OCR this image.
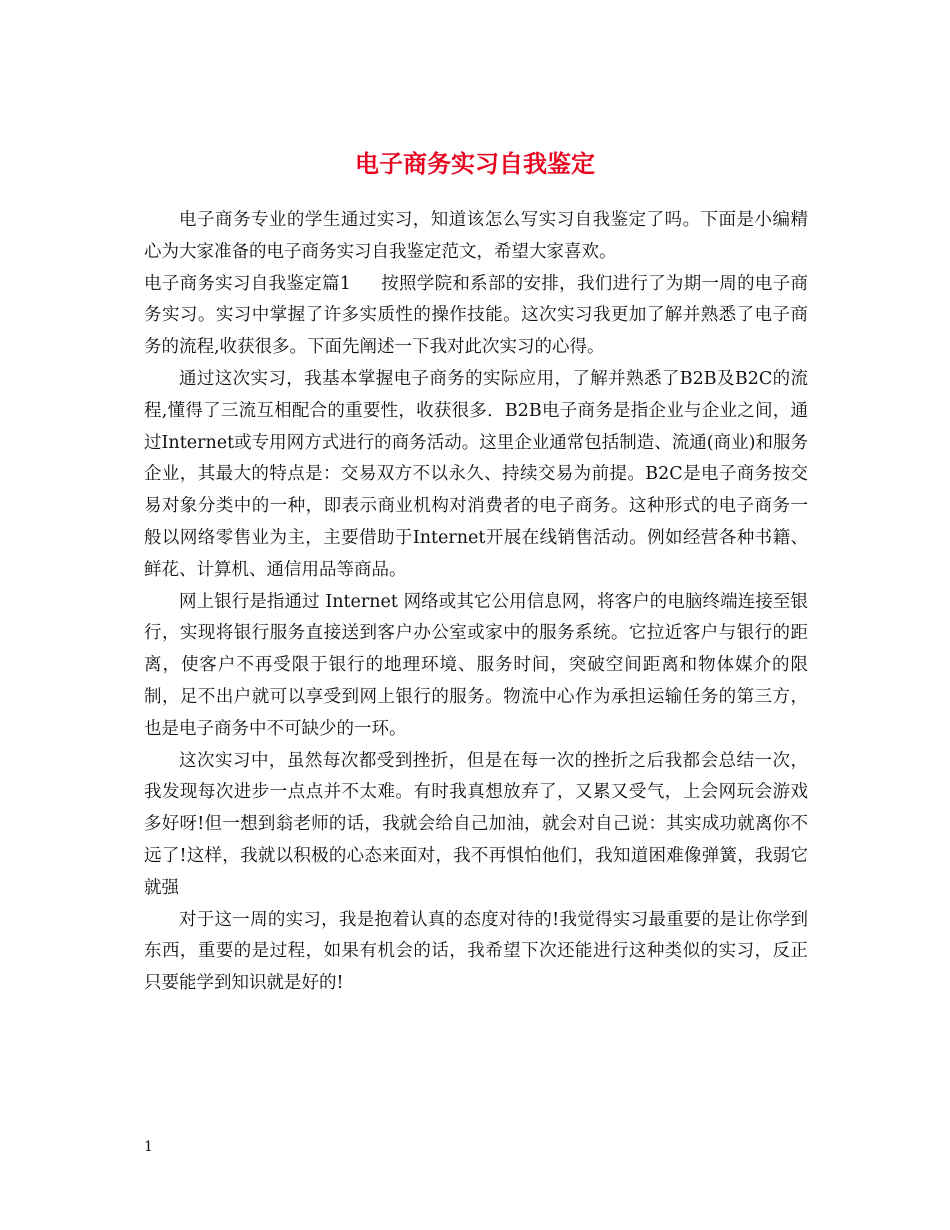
电子商务实习自我鉴定

电子商务专业的学生通过实习，知道该怎么写实习自我鉴定了吗。下面是小编精心为大家准备的电子商务实习自我鉴定范文，希望大家喜欢。

电子商务实习自我鉴定篇1 按照学院和系部的安排，我们进行了为期一周的电子商务实习。实习中掌握了许多实质性的操作技能。这次实习我更加了解并熟悉了电子商务的流程,收获很多。下面先阐述一下我对此次实习的心得。

通过这次实习，我基本掌握电子商务的实际应用，了解并熟悉了B2B及B2C的流程,懂得了三流互相配合的重要性，收获很多．B2B电子商务是指企业与企业之间，通过Internet或专用网方式进行的商务活动。这里企业通常包括制造、流通(商业)和服务企业，其最大的特点是：交易双方不以永久、持续交易为前提。B2C是电子商务按交易对象分类中的一种，即表示商业机构对消费者的电子商务。这种形式的电子商务一般以网络零售业为主，主要借助于Internet开展在线销售活动。例如经营各种书籍、鲜花、计算机、通信用品等商品。

网上银行是指通过 Internet 网络或其它公用信息网，将客户的电脑终端连接至银行，实现将银行服务直接送到客户办公室或家中的服务系统。它拉近客户与银行的距离，使客户不再受限于银行的地理环境、服务时间，突破空间距离和物体媒介的限制，足不出户就可以享受到网上银行的服务。物流中心作为承担运输任务的第三方，也是电子商务中不可缺少的一环。

这次实习中，虽然每次都受到挫折，但是在每一次的挫折之后我都会总结一次，我发现每次进步一点点并不太难。有时我真想放弃了，又累又受气，上会网玩会游戏多好呀!但一想到翁老师的话，我就会给自己加油，就会对自己说：其实成功就离你不远了!这样，我就以积极的心态来面对，我不再惧怕他们，我知道困难像弹簧，我弱它就强

对于这一周的实习，我是抱着认真的态度对待的!我觉得实习最重要的是让你学到东西，重要的是过程，如果有机会的话，我希望下次还能进行这种类似的实习，反正只要能学到知识就是好的!

1
